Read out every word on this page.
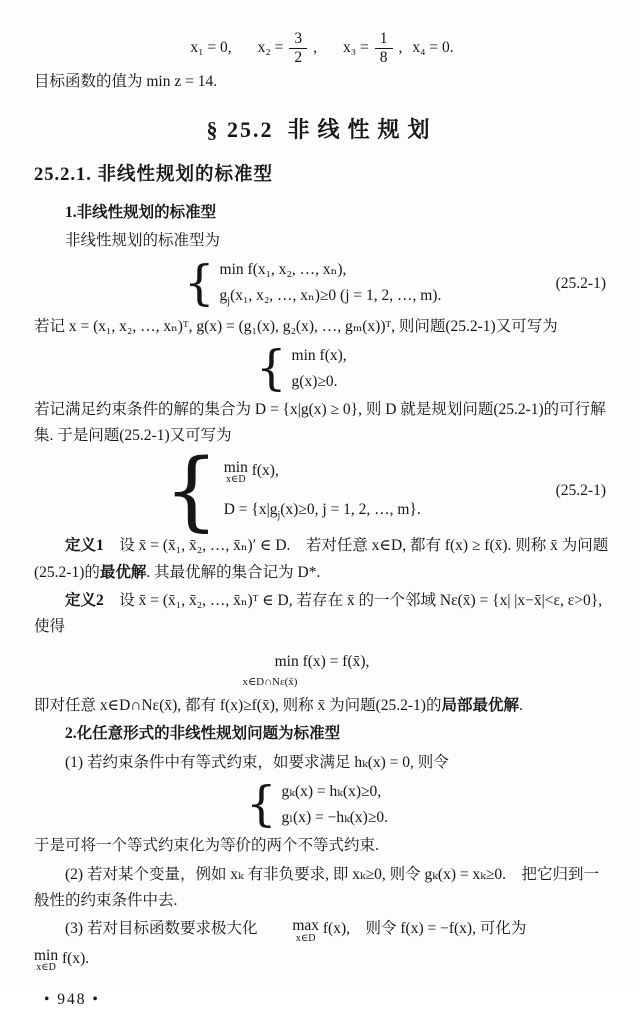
x₁ = 0, $x_2 = \frac{3}{2}$ , $x_3 = \frac{1}{8}$ , x₄ = 0.

目标函数的值为 min z = 14.

§ 25.2 非线性规划
25.2.1. 非线性规划的标准型

1.非线性规划的标准型

非线性规划的标准型为

{ min f(x₁, x₂, …, xₙ),
$g_j(x_1$, x₂, …, xₙ)≥0 (j = 1, 2, …, m).
(25.2-1)

若记 x = (x₁, x₂, …, xₙ)ᵀ, g(x) = (g₁(x), g₂(x), …, gₘ(x))ᵀ, 则问题(25.2-1)又可写为

{ min f(x),
g(x)≥0.

若记满足约束条件的解的集合为 D = {x|g(x) ≥ 0}, 则 D 就是规划问题(25.2-1)的可行解集. 于是问题(25.2-1)又可写为

{ min
x∈D
f(x),
$D = \{x|g_j(x)\ge 0$, j = 1, 2, …, m}.
(25.2-1)

定义1　设 x̄ = (x̄₁, x̄₂, …, x̄ₙ)′ ∈ D.　若对任意 x∈D, 都有 f(x) ≥ f(x̄). 则称 x̄ 为问题(25.2-1)的最优解. 其最优解的集合记为 D*.

定义2　设 x̄ = (x̄₁, x̄₂, …, x̄ₙ)ᵀ ∈ D, 若存在 x̄ 的一个邻域 Nε(x̄) = {x| |x−x̄|<ε, ε>0}, 使得

min f(x) = f(x̄),
x∈D∩Nε(x̄)

即对任意 x∈D∩Nε(x̄), 都有 f(x)≥f(x̄), 则称 x̄ 为问题(25.2-1)的局部最优解.

2.化任意形式的非线性规划问题为标准型

(1) 若约束条件中有等式约束，如要求满足 hₖ(x) = 0, 则令

{ gₖ(x) = hₖ(x)≥0,
gₗ(x) = −hₖ(x)≥0.

于是可将一个等式约束化为等价的两个不等式约束.

(2) 若对某个变量，例如 xₖ 有非负要求, 即 xₖ≥0, 则令 gₖ(x) = xₖ≥0.　把它归到一般性的约束条件中去.

(3) 若对目标函数要求极大化	max
x∈D
f(x),　则令 f(x) = −f(x), 可化为

min
x∈D
f(x).

• 948 •
